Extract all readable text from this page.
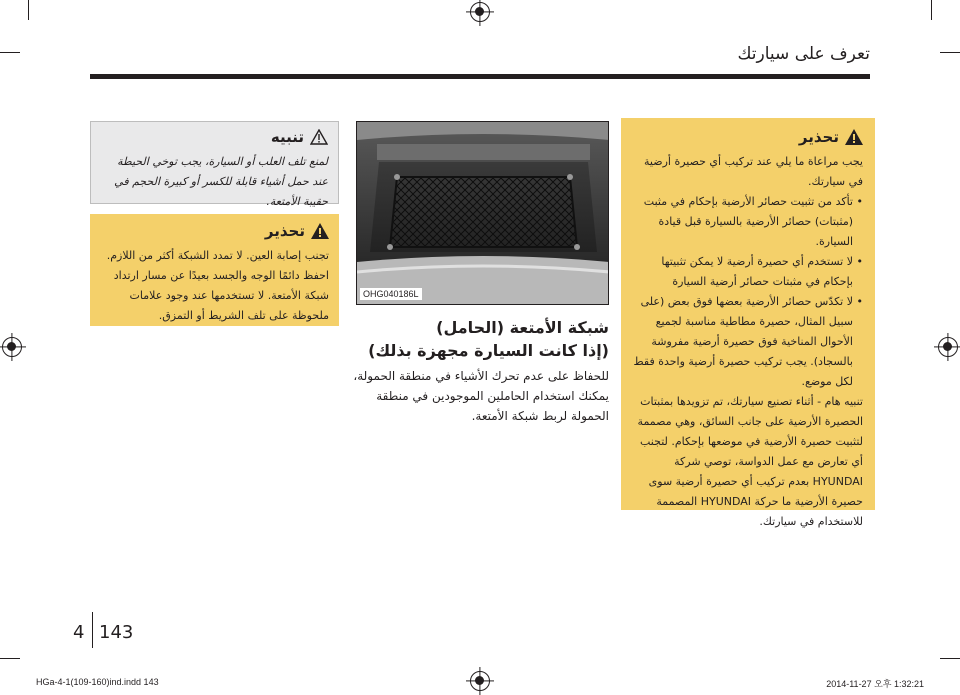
تعرف على سيارتك
تحذير
يجب مراعاة ما يلي عند تركيب أي حصيرة أرضية في سيارتك.
• تأكد من تثبيت حصائر الأرضية بإحكام في مثبت (مثبتات) حصائر الأرضية بالسيارة قبل قيادة السيارة.
• لا تستخدم أي حصيرة أرضية لا يمكن تثبيتها بإحكام في مثبتات حصائر أرضية السيارة
• لا تكدّس حصائر الأرضية بعضها فوق بعض (على سبيل المثال، حصيرة مطاطية مناسبة لجميع الأحوال المناخية فوق حصيرة أرضية مفروشة بالسجاد). يجب تركيب حصيرة أرضية واحدة فقط لكل موضع.
تنبيه هام - أثناء تصنيع سيارتك، تم تزويدها بمثبتات الحصيرة الأرضية على جانب السائق، وهي مصممة لتثبيت حصيرة الأرضية في موضعها بإحكام. لتجنب أي تعارض مع عمل الدواسة، توصي شركة HYUNDAI بعدم تركيب أي حصيرة أرضية سوى حصيرة الأرضية ما حركة HYUNDAI المصممة للاستخدام في سيارتك.
تنبيه
لمنع تلف العلب أو السيارة، يجب توخي الحيطة عند حمل أشياء قابلة للكسر أو كبيرة الحجم في حقيبة الأمتعة.
تحذير
تجنب إصابة العين. لا تمدد الشبكة أكثر من اللازم. احفظ دائمًا الوجه والجسد بعيدًا عن مسار ارتداد شبكة الأمتعة. لا تستخدمها عند وجود علامات ملحوظة على تلف الشريط أو التمزق.
OHG040186L
شبكة الأمتعة (الحامل)
(إذا كانت السيارة مجهزة بذلك)
للحفاظ على عدم تحرك الأشياء في منطقة الحمولة، يمكنك استخدام الحاملين الموجودين في منطقة الحمولة لربط شبكة الأمتعة.
4 143
HGa-4-1(109-160)ind.indd 143	2014-11-27 오후 1:32:21
